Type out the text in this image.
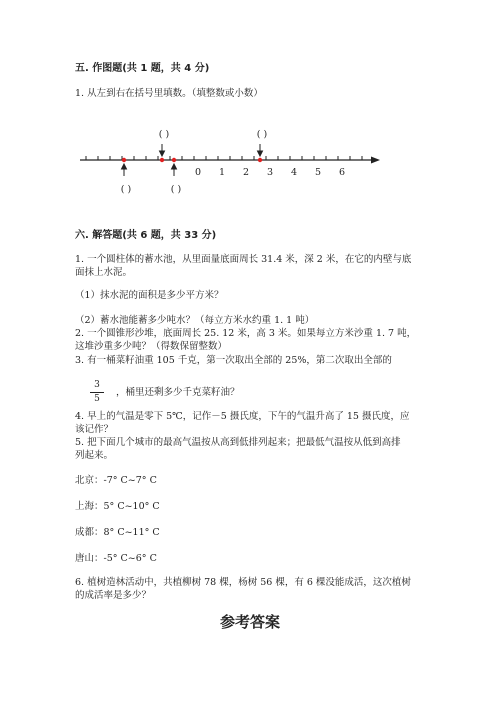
五. 作图题(共 1 题，共 4 分)
1. 从左到右在括号里填数。（填整数或小数）
0 1 2 3 4 5 6
( )	( )
( )	( )
六. 解答题(共 6 题，共 33 分)
1. 一个圆柱体的蓄水池，从里面量底面周长 31.4 米，深 2 米，在它的内壁与底
面抹上水泥。
（1）抹水泥的面积是多少平方米？
（2）蓄水池能蓄多少吨水？（每立方米水约重 1. 1 吨）
2. 一个圆锥形沙堆，底面周长 25. 12 米，高 3 米。如果每立方米沙重 1. 7 吨，
这堆沙重多少吨？（得数保留整数）
3. 有一桶菜籽油重 105 千克，第一次取出全部的 25%，第二次取出全部的
3
5
，桶里还剩多少千克菜籽油？
4. 早上的气温是零下 5℃，记作－5 摄氏度，下午的气温升高了 15 摄氏度，应
该记作？
5. 把下面几个城市的最高气温按从高到低排列起来；把最低气温按从低到高排
列起来。
北京：-7° C~7° C
上海：5° C~10° C
成都：8° C~11° C
唐山：-5° C~6° C
6. 植树造林活动中，共植柳树 78 棵，杨树 56 棵，有 6 棵没能成活，这次植树
的成活率是多少？
参考答案
